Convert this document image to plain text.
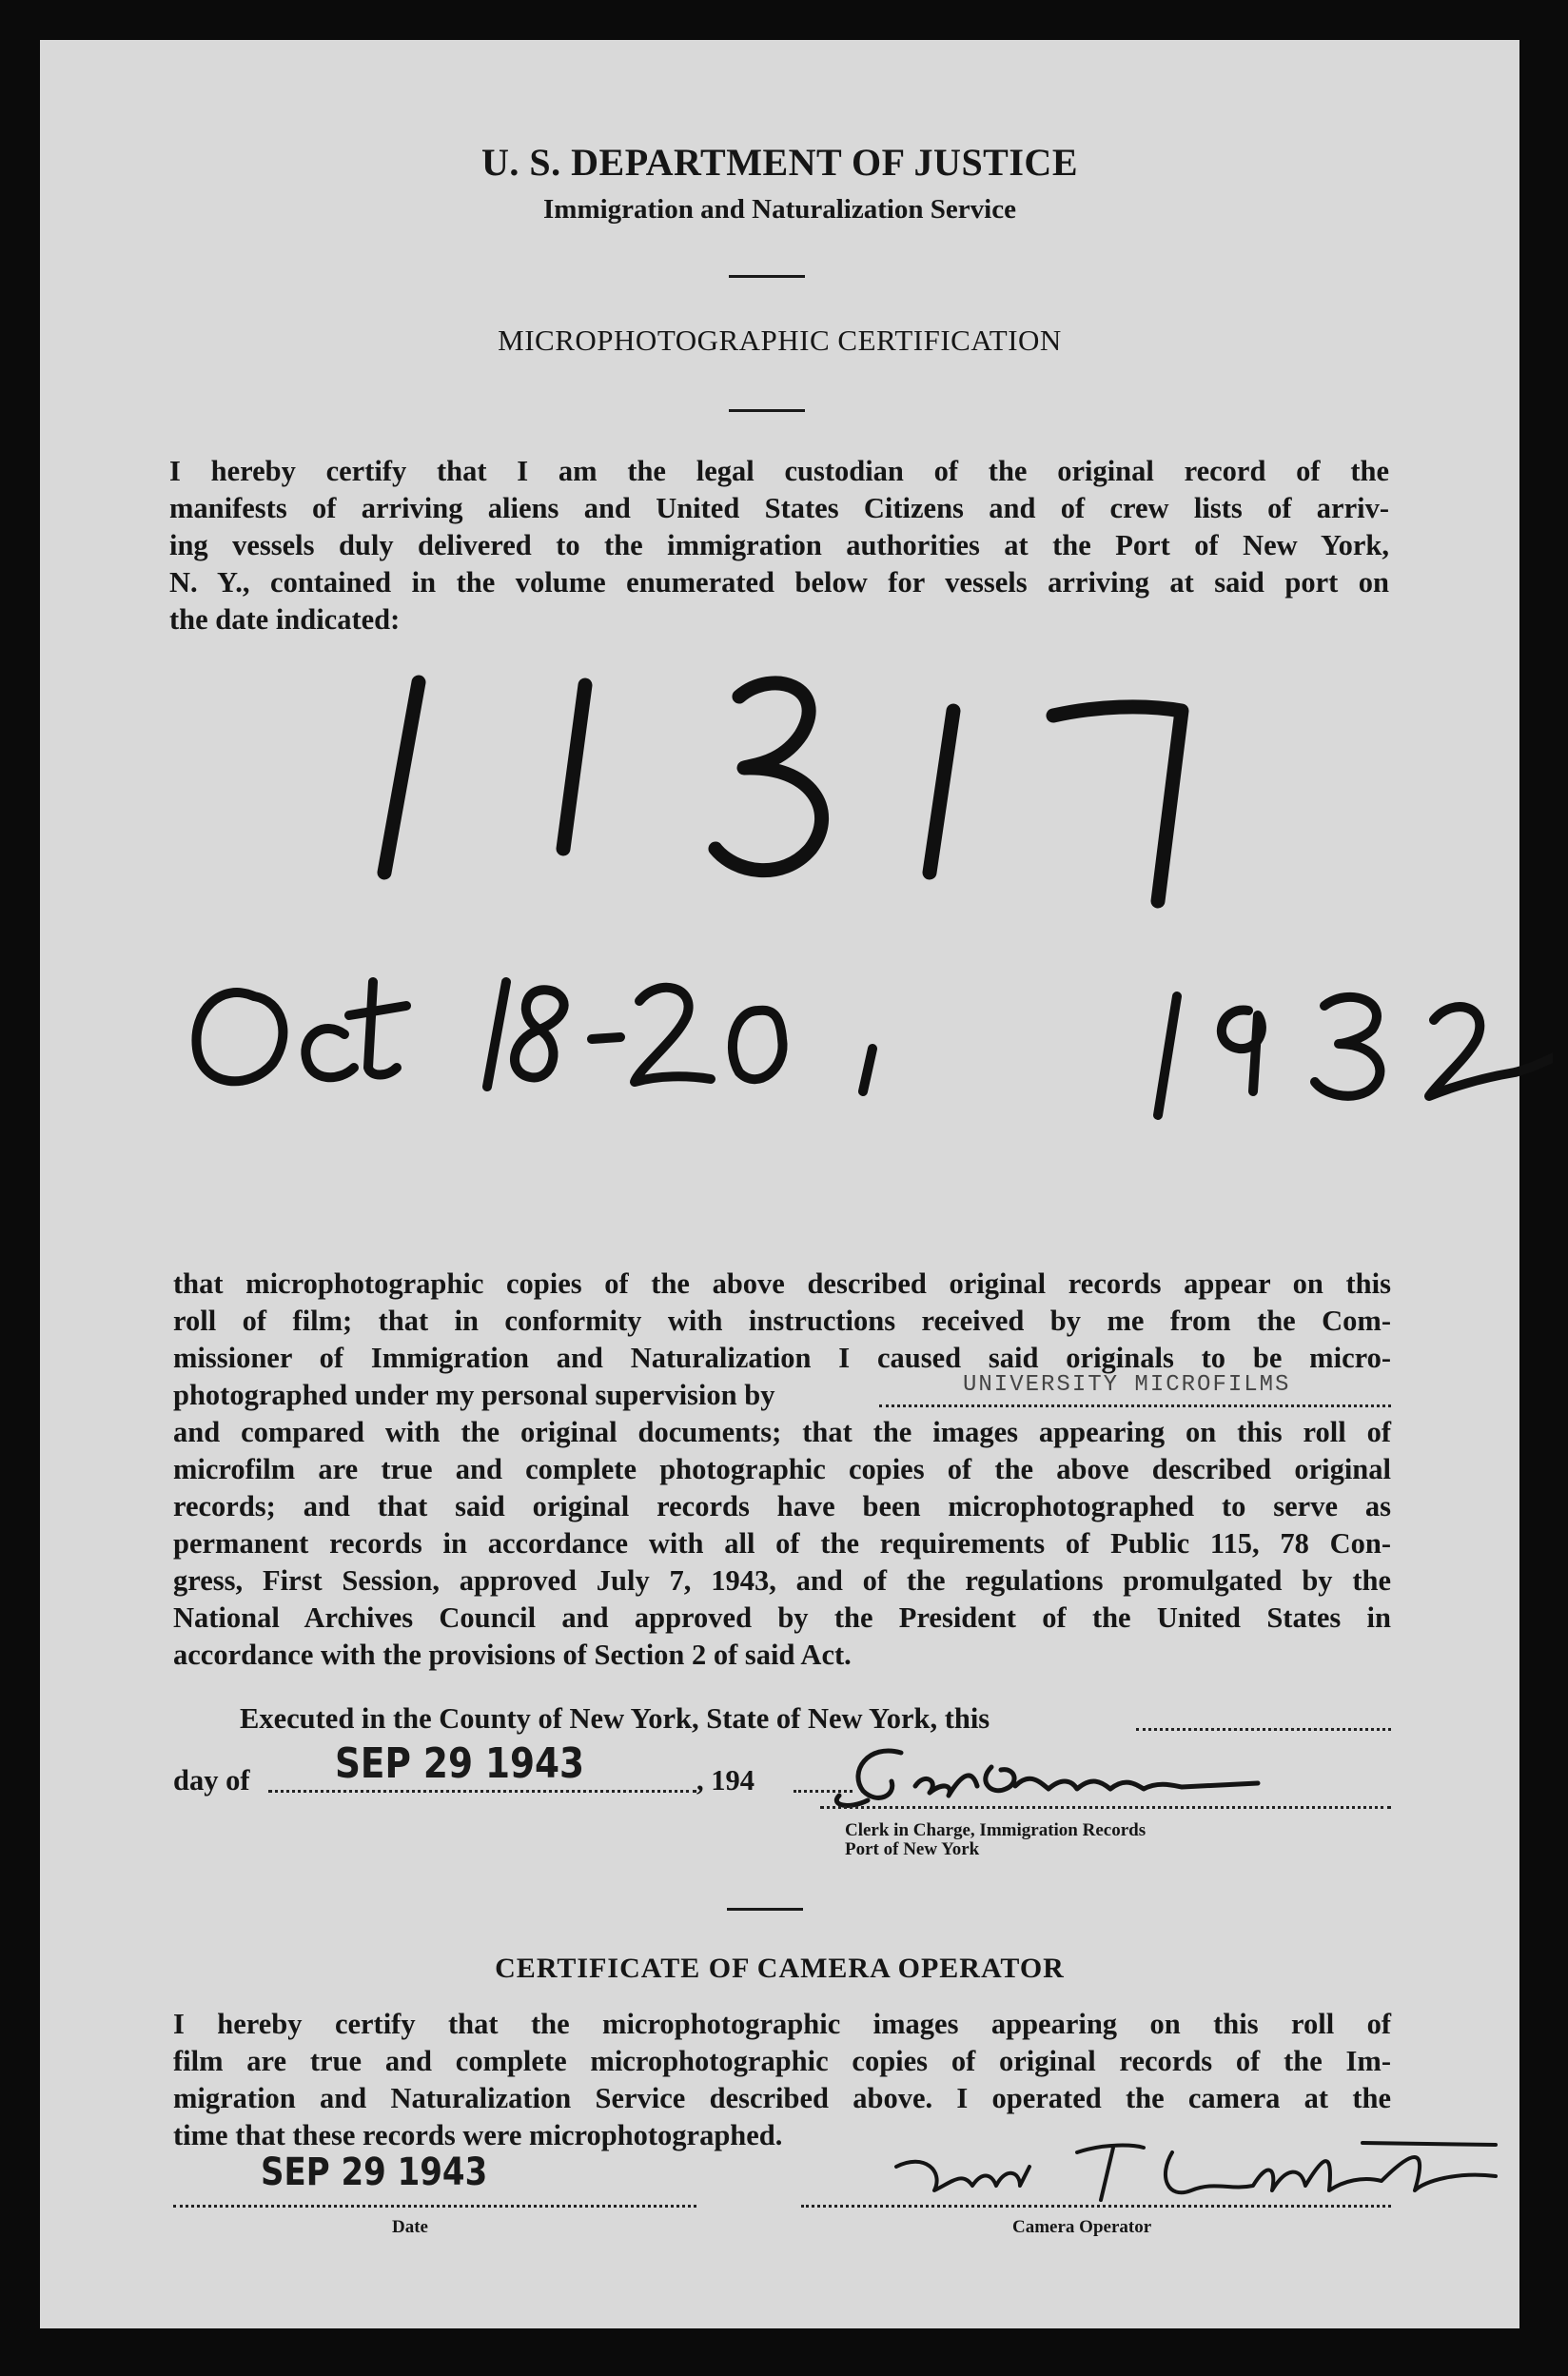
U. S. DEPARTMENT OF JUSTICE
Immigration and Naturalization Service
MICROPHOTOGRAPHIC CERTIFICATION
I hereby certify that I am the legal custodian of the original record of the
manifests of arriving aliens and United States Citizens and of crew lists of arriv-
ing vessels duly delivered to the immigration authorities at the Port of New York,
N. Y., contained in the volume enumerated below for vessels arriving at said port on
the date indicated:
that microphotographic copies of the above described original records appear on this
roll of film; that in conformity with instructions received by me from the Com-
missioner of Immigration and Naturalization I caused said originals to be micro-
photographed under my personal supervision by	UNIVERSITY MICROFILMS
and compared with the original documents; that the images appearing on this roll of
microfilm are true and complete photographic copies of the above described original
records; and that said original records have been microphotographed to serve as
permanent records in accordance with all of the requirements of Public 115, 78 Con-
gress, First Session, approved July 7, 1943, and of the regulations promulgated by the
National Archives Council and approved by the President of the United States in
accordance with the provisions of Section 2 of said Act.
Executed in the County of New York, State of New York, this
day of SEP 29 1943	, 194
Clerk in Charge, Immigration Records
Port of New York
CERTIFICATE OF CAMERA OPERATOR
I hereby certify that the microphotographic images appearing on this roll of
film are true and complete microphotographic copies of original records of the Im-
migration and Naturalization Service described above. I operated the camera at the
time that these records were microphotographed.
SEP 29 1943
Date	Camera Operator
